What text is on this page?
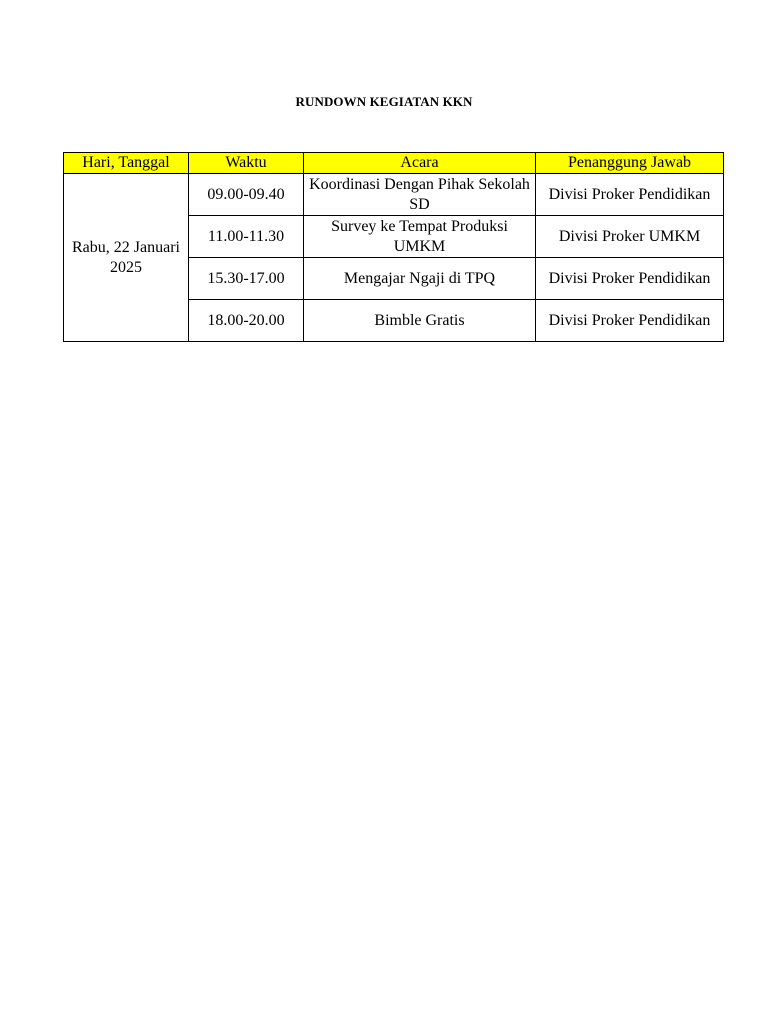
RUNDOWN KEGIATAN KKN
Hari, Tanggal	Waktu	Acara	Penanggung Jawab
Rabu, 22 Januari 2025	09.00-09.40	Koordinasi Dengan Pihak Sekolah SD	Divisi Proker Pendidikan
	11.00-11.30	Survey ke Tempat Produksi UMKM	Divisi Proker UMKM
	15.30-17.00	Mengajar Ngaji di TPQ	Divisi Proker Pendidikan
	18.00-20.00	Bimble Gratis	Divisi Proker Pendidikan
